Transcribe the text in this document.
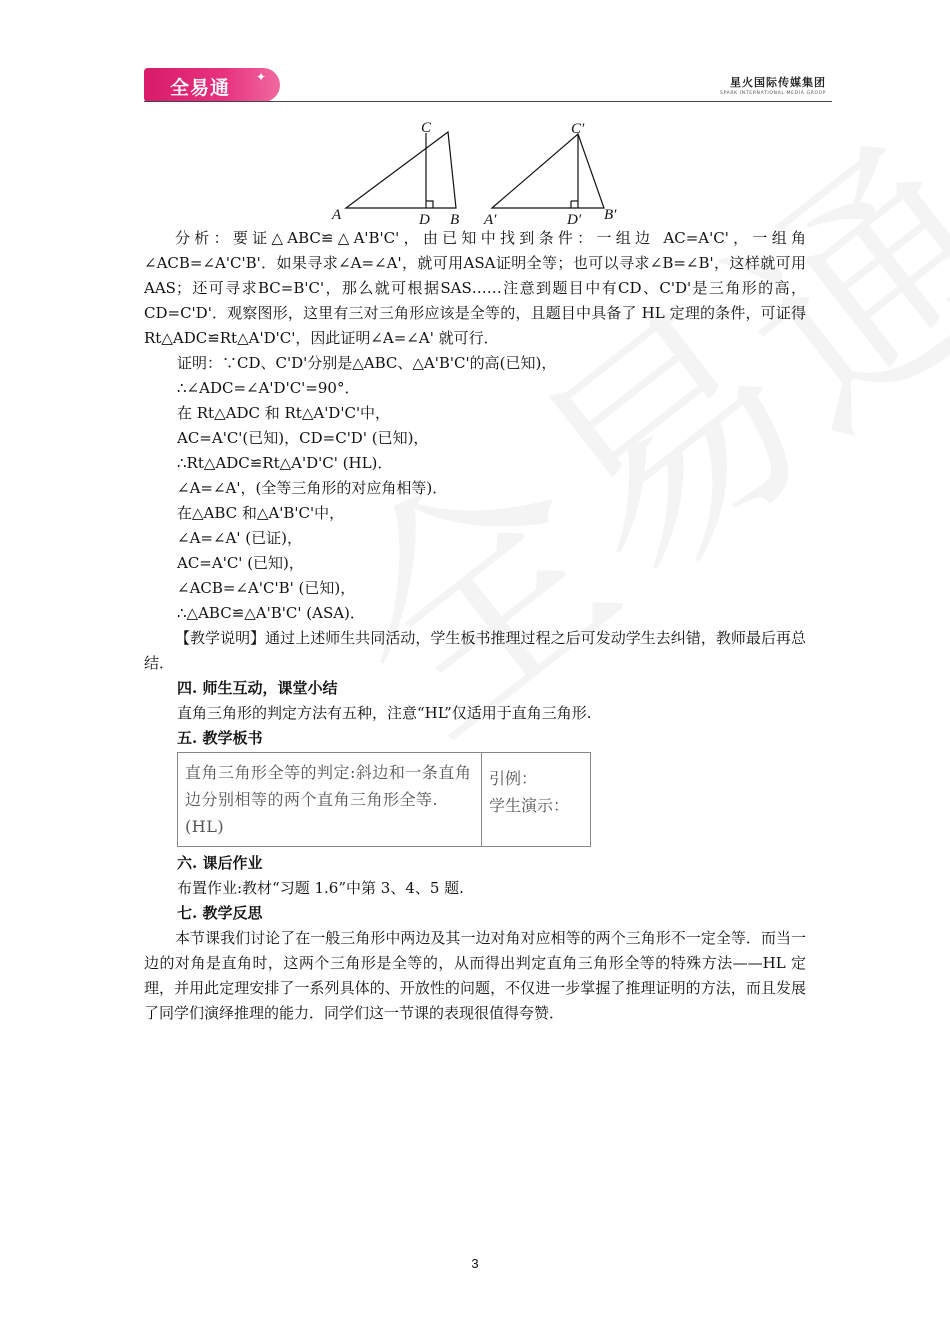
全易通 ✦	星火国际传媒集团
SPARK INTERNATIONAL MEDIA GROUP
C
A	D B
C′
A′	D′ B′

分析：要证△ABC≌△A'B'C'，由已知中找到条件：一组边 AC=A'C'，一组角∠ACB=∠A'C'B'．如果寻求∠A=∠A'，就可用ASA证明全等；也可以寻求∠B=∠B'，这样就可用AAS；还可寻求BC=B'C'，那么就可根据SAS……注意到题目中有CD、C'D'是三角形的高，CD=C'D'．观察图形，这里有三对三角形应该是全等的，且题目中具备了 HL 定理的条件，可证得Rt△ADC≌Rt△A'D'C'，因此证明∠A=∠A' 就可行．

证明：∵CD、C'D'分别是△ABC、△A'B'C'的高(已知)，

∴∠ADC=∠A'D'C'=90°．

在 Rt△ADC 和 Rt△A'D'C'中，

AC=A'C'(已知)，CD=C'D' (已知)，

∴Rt△ADC≌Rt△A'D'C' (HL)．

∠A=∠A'，(全等三角形的对应角相等)．

在△ABC 和△A'B'C'中，

∠A=∠A' (已证)，

AC=A'C' (已知)，

∠ACB=∠A'C'B' (已知)，

∴△ABC≌△A'B'C' (ASA)．

【教学说明】通过上述师生共同活动，学生板书推理过程之后可发动学生去纠错，教师最后再总结．

四. 师生互动，课堂小结

直角三角形的判定方法有五种，注意“HL”仅适用于直角三角形.

五. 教学板书

直角三角形全等的判定:斜边和一条直角边分别相等的两个直角三角形全等.(HL)	
引例：
学生演示：

六. 课后作业

布置作业:教材“习题 1.6”中第 3、4、5 题.

七. 教学反思

本节课我们讨论了在一般三角形中两边及其一边对角对应相等的两个三角形不一定全等．而当一边的对角是直角时，这两个三角形是全等的，从而得出判定直角三角形全等的特殊方法——HL 定理，并用此定理安排了一系列具体的、开放性的问题，不仅进一步掌握了推理证明的方法，而且发展了同学们演绎推理的能力．同学们这一节课的表现很值得夸赞．

3
